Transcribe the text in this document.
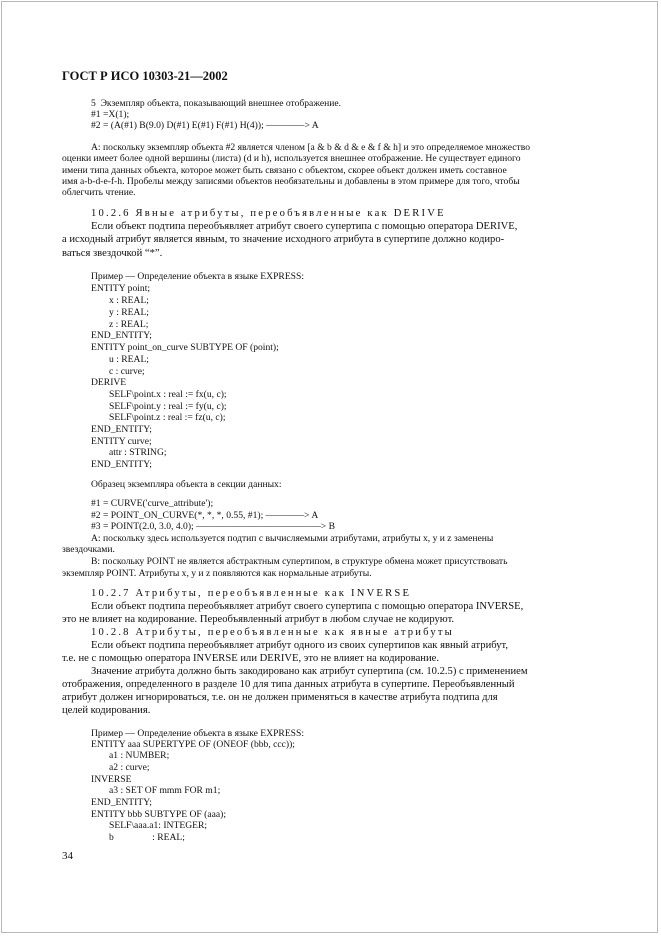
ГОСТ Р ИСО 10303-21—2002
5  Экземпляр объекта, показывающий внешнее отображение.
#1 =X(1);
#2 = (A(#1) B(9.0) D(#1) E(#1) F(#1) H(4)); ————> A
А: поскольку экземпляр объекта #2 является членом [a & b & d & e & f & h] и это определяемое множество
оценки имеет более одной вершины (листа) (d и h), используется внешнее отображение. Не существует единого
имени типа данных объекта, которое может быть связано с объектом, скорее объект должен иметь составное
имя a-b-d-e-f-h. Пробелы между записями объектов необязательны и добавлены в этом примере для того, чтобы
облегчить чтение.
10.2.6 Явные атрибуты, переобъявленные как DERIVE
Если объект подтипа переобъявляет атрибут своего супертипа с помощью оператора DERIVE,
а исходный атрибут является явным, то значение исходного атрибута в супертипе должно кодиро-
ваться звездочкой “*”.
Пример — Определение объекта в языке EXPRESS:
ENTITY point;
x : REAL;
y : REAL;
z : REAL;
END_ENTITY;
ENTITY point_on_curve SUBTYPE OF (point);
u : REAL;
c : curve;
DERIVE
SELF\point.x : real := fx(u, c);
SELF\point.y : real := fy(u, c);
SELF\point.z : real := fz(u, c);
END_ENTITY;
ENTITY curve;
attr : STRING;
END_ENTITY;
Образец экземпляра объекта в секции данных:
#1 = CURVE('curve_attribute');
#2 = POINT_ON_CURVE(*, *, *, 0.55, #1); ————> A
#3 = POINT(2.0, 3.0, 4.0); —————————————> B
А: поскольку здесь используется подтип с вычисляемыми атрибутами, атрибуты x, y и z заменены
звездочками.
В: поскольку POINT не является абстрактным супертипом, в структуре обмена может присутствовать
экземпляр POINT. Атрибуты x, y и z появляются как нормальные атрибуты.
10.2.7 Атрибуты, переобъявленные как INVERSE
Если объект подтипа переобъявляет атрибут своего супертипа с помощью оператора INVERSE,
это не влияет на кодирование. Переобъявленный атрибут в любом случае не кодируют.
10.2.8 Атрибуты, переобъявленные как явные атрибуты
Если объект подтипа переобъявляет атрибут одного из своих супертипов как явный атрибут,
т.е. не с помощью оператора INVERSE или DERIVE, это не влияет на кодирование.
Значение атрибута должно быть закодировано как атрибут супертипа (см. 10.2.5) с применением
отображения, определенного в разделе 10 для типа данных атрибута в супертипе. Переобъявленный
атрибут должен игнорироваться, т.е. он не должен применяться в качестве атрибута подтипа для
целей кодирования.
Пример — Определение объекта в языке EXPRESS:
ENTITY aaa SUPERTYPE OF (ONEOF (bbb, ccc));
a1 : NUMBER;
a2 : curve;
INVERSE
a3 : SET OF mmm FOR m1;
END_ENTITY;
ENTITY bbb SUBTYPE OF (aaa);
SELF\aaa.a1: INTEGER;
b                : REAL;
34
